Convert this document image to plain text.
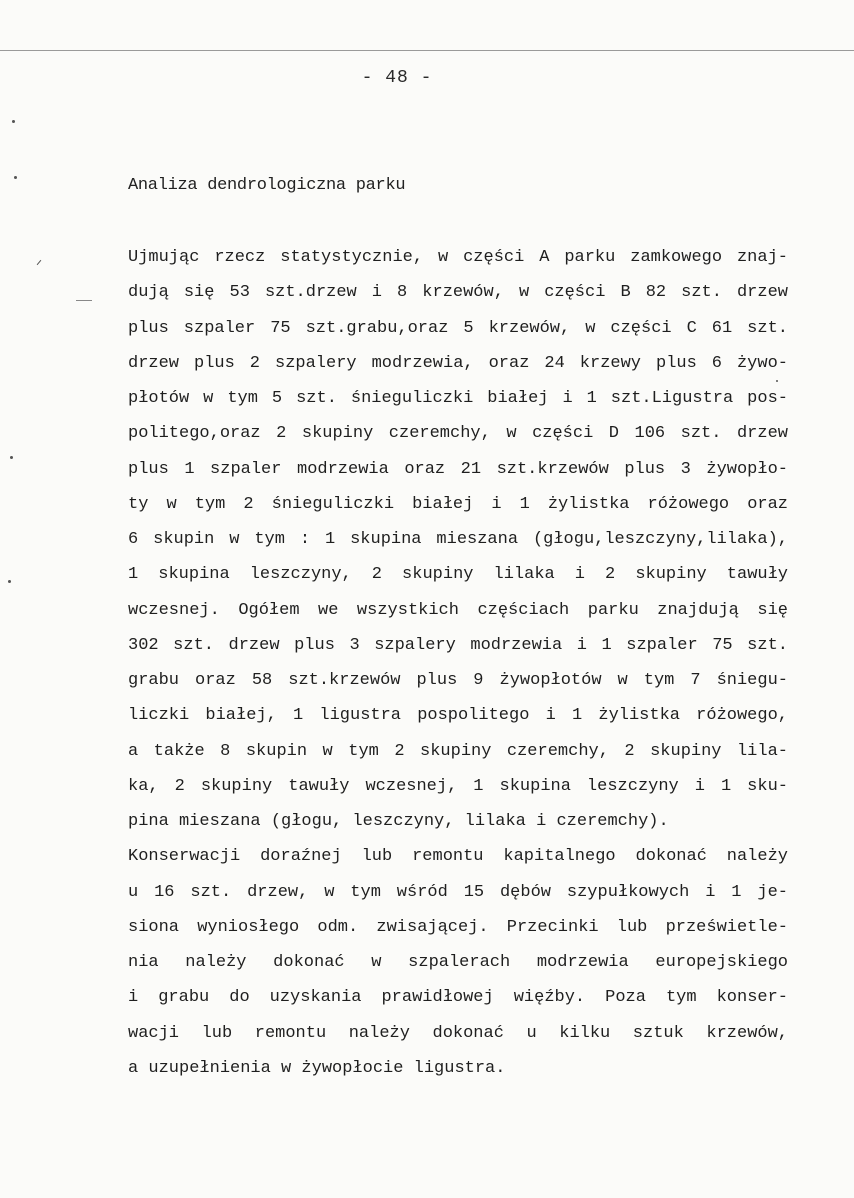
- 48 -
Analiza dendrologiczna parku
Ujmując rzecz statystycznie, w części A parku zamkowego znaj-
dują się 53 szt.drzew i 8 krzewów, w części B 82 szt. drzew
plus szpaler 75 szt.grabu,oraz 5 krzewów, w części C 61 szt.
drzew plus 2 szpalery modrzewia, oraz 24 krzewy plus 6 żywo-
płotów w tym 5 szt. śnieguliczki białej i 1 szt.Ligustra pos-
politego,oraz 2 skupiny czeremchy, w części D 106 szt. drzew
plus 1 szpaler modrzewia oraz 21 szt.krzewów plus 3 żywopło-
ty w tym 2 śnieguliczki białej i 1 żylistka różowego oraz
6 skupin w tym : 1 skupina mieszana (głogu,leszczyny,lilaka),
1 skupina leszczyny, 2 skupiny lilaka i 2 skupiny tawuły
wczesnej. Ogółem we wszystkich częściach parku znajdują się
302 szt. drzew plus 3 szpalery modrzewia i 1 szpaler 75 szt.
grabu oraz 58 szt.krzewów plus 9 żywopłotów w tym 7 śniegu-
liczki białej, 1 ligustra pospolitego i 1 żylistka różowego,
a także 8 skupin w tym 2 skupiny czeremchy, 2 skupiny lila-
ka, 2 skupiny tawuły wczesnej, 1 skupina leszczyny i 1 sku-
pina mieszana (głogu, leszczyny, lilaka i czeremchy).
Konserwacji doraźnej lub remontu kapitalnego dokonać należy
u 16 szt. drzew, w tym wśród 15 dębów szypułkowych i 1 je-
siona wyniosłego odm. zwisającej. Przecinki lub prześwietle-
nia należy dokonać w szpalerach modrzewia europejskiego
i grabu do uzyskania prawidłowej więźby. Poza tym konser-
wacji lub remontu należy dokonać u kilku sztuk krzewów,
a uzupełnienia w żywopłocie ligustra.
